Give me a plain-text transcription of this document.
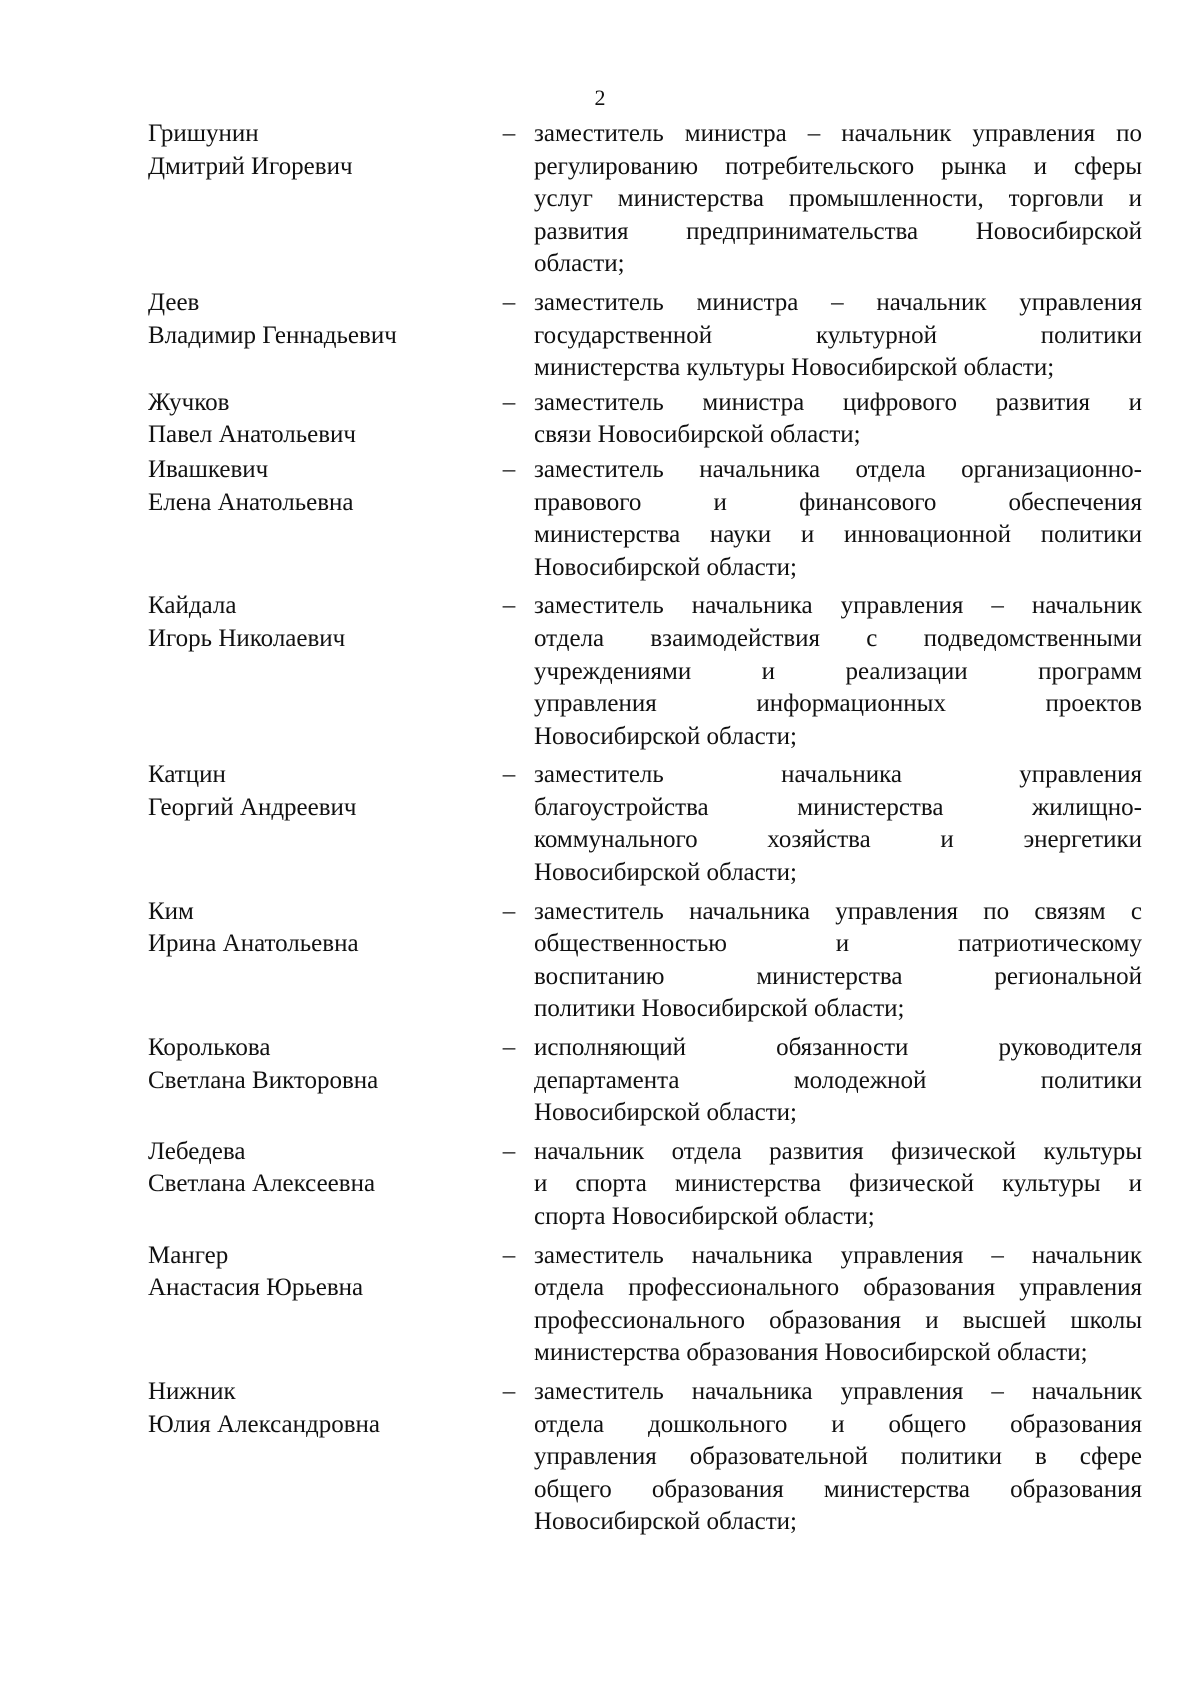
2
Гришунин
Дмитрий Игоревич
– заместитель министра – начальник управления по
регулированию потребительского рынка и сферы
услуг министерства промышленности, торговли и
развития предпринимательства Новосибирской
области;
Деев
Владимир Геннадьевич
– заместитель министра – начальник управления
государственной культурной политики
министерства культуры Новосибирской области;
Жучков
Павел Анатольевич
– заместитель министра цифрового развития и
связи Новосибирской области;
Ивашкевич
Елена Анатольевна
– заместитель начальника отдела организационно-
правового и финансового обеспечения
министерства науки и инновационной политики
Новосибирской области;
Кайдала
Игорь Николаевич
– заместитель начальника управления – начальник
отдела взаимодействия с подведомственными
учреждениями и реализации программ
управления информационных проектов
Новосибирской области;
Катцин
Георгий Андреевич
– заместитель начальника управления
благоустройства министерства жилищно-
коммунального хозяйства и энергетики
Новосибирской области;
Ким
Ирина Анатольевна
– заместитель начальника управления по связям с
общественностью и патриотическому
воспитанию министерства региональной
политики Новосибирской области;
Королькова
Светлана Викторовна
– исполняющий обязанности руководителя
департамента молодежной политики
Новосибирской области;
Лебедева
Светлана Алексеевна
– начальник отдела развития физической культуры
и спорта министерства физической культуры и
спорта Новосибирской области;
Мангер
Анастасия Юрьевна
– заместитель начальника управления – начальник
отдела профессионального образования управления
профессионального образования и высшей школы
министерства образования Новосибирской области;
Нижник
Юлия Александровна
– заместитель начальника управления – начальник
отдела дошкольного и общего образования
управления образовательной политики в сфере
общего образования министерства образования
Новосибирской области;
